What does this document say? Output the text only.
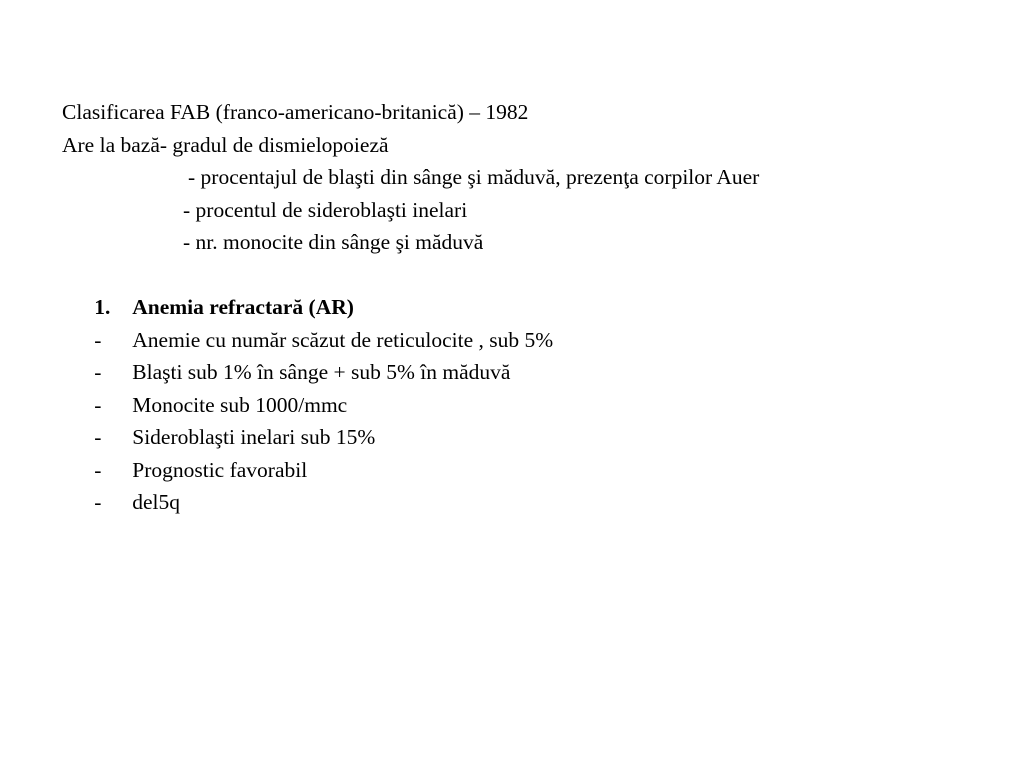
Clasificarea FAB (franco-americano-britanică) – 1982
Are la bază- gradul de dismielopoieză
- procentajul de blaşti din sânge şi măduvă, prezenţa corpilor Auer
- procentul de sideroblaşti inelari
- nr. monocite din sânge şi măduvă

1. Anemia refractară (AR)

- Anemie cu număr scăzut de reticulocite , sub 5%

- Blaşti sub 1% în sânge + sub 5% în măduvă

- Monocite sub 1000/mmc

- Sideroblaşti inelari sub 15%

- Prognostic favorabil

- del5q
